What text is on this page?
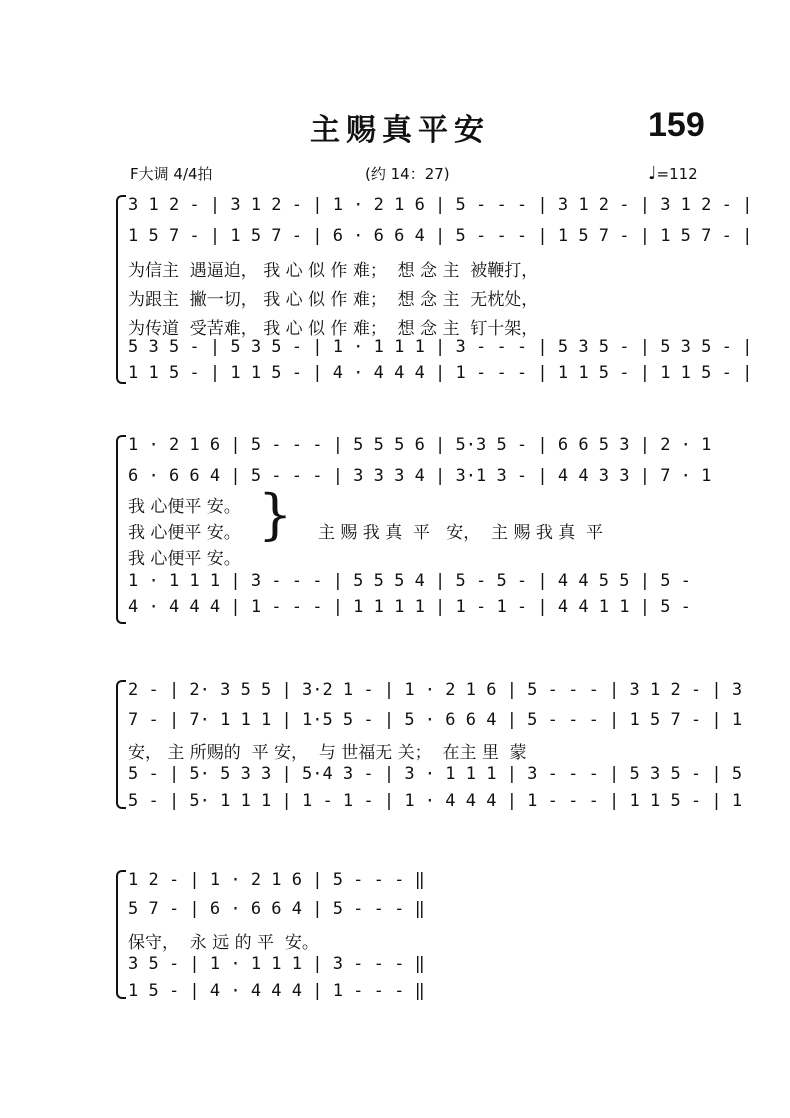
主赐真平安	159
F大调 4/4拍	(约 14：27)	♩=112
3 1 2 - | 3 1 2 - | 1 · 2 1 6 | 5 - - - | 3 1 2 - | 3 1 2 - |
1 5 7 - | 1 5 7 - | 6 · 6 6 4 | 5 - - - | 1 5 7 - | 1 5 7 - |
为信主  遇逼迫， 我 心 似 作 难；  想 念 主  被鞭打，
为跟主  撇一切， 我 心 似 作 难；  想 念 主  无枕处，
为传道  受苦难， 我 心 似 作 难；  想 念 主  钉十架，
5 3 5 - | 5 3 5 - | 1 · 1 1 1 | 3 - - - | 5 3 5 - | 5 3 5 - |
1 1 5 - | 1 1 5 - | 4 · 4 4 4 | 1 - - - | 1 1 5 - | 1 1 5 - |
1 · 2 1 6 | 5 - - - | 5 5 5 6 | 5·3 5 - | 6 6 5 3 | 2 · 1
6 · 6 6 4 | 5 - - - | 3 3 3 4 | 3·1 3 - | 4 4 3 3 | 7 · 1
我 心便平 安。
我 心便平 安。
我 心便平 安。
} 主 赐 我 真  平   安，  主 赐 我 真  平
1 · 1 1 1 | 3 - - - | 5 5 5 4 | 5 - 5 - | 4 4 5 5 | 5 -
4 · 4 4 4 | 1 - - - | 1 1 1 1 | 1 - 1 - | 4 4 1 1 | 5 -
2 - | 2· 3 5 5 | 3·2 1 - | 1 · 2 1 6 | 5 - - - | 3 1 2 - | 3
7 - | 7· 1 1 1 | 1·5 5 - | 5 · 6 6 4 | 5 - - - | 1 5 7 - | 1
安， 主 所赐的  平 安，  与 世福无 关；  在主 里  蒙
5 - | 5· 5 3 3 | 5·4 3 - | 3 · 1 1 1 | 3 - - - | 5 3 5 - | 5
5 - | 5· 1 1 1 | 1 - 1 - | 1 · 4 4 4 | 1 - - - | 1 1 5 - | 1
1 2 - | 1 · 2 1 6 | 5 - - - ‖
5 7 - | 6 · 6 6 4 | 5 - - - ‖
保守，  永 远 的 平  安。
3 5 - | 1 · 1 1 1 | 3 - - - ‖
1 5 - | 4 · 4 4 4 | 1 - - - ‖
